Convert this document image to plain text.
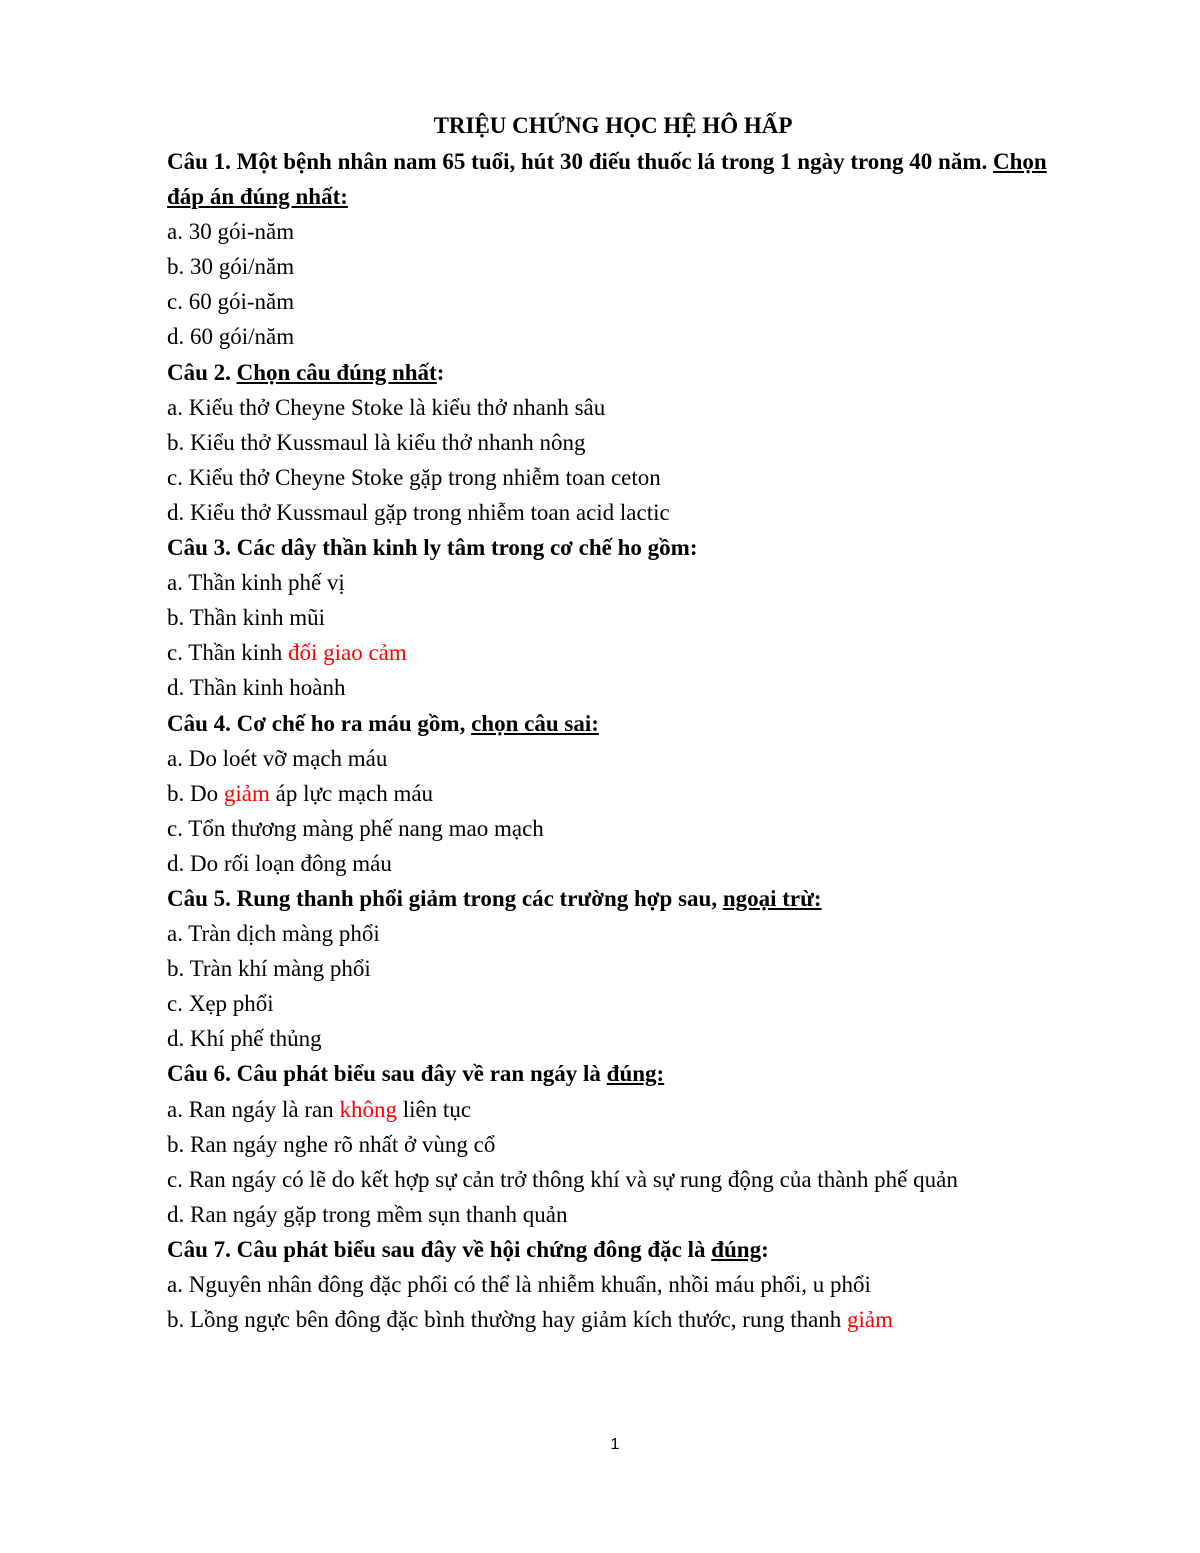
TRIỆU CHỨNG HỌC HỆ HÔ HẤP

Câu 1. Một bệnh nhân nam 65 tuổi, hút 30 điếu thuốc lá trong 1 ngày trong 40 năm. Chọn đáp án đúng nhất:

a. 30 gói-năm

b. 30 gói/năm

c. 60 gói-năm

d. 60 gói/năm

Câu 2. Chọn câu đúng nhất:

a. Kiểu thở Cheyne Stoke là kiểu thở nhanh sâu

b. Kiểu thở Kussmaul là kiểu thở nhanh nông

c. Kiểu thở Cheyne Stoke gặp trong nhiễm toan ceton

d. Kiểu thở Kussmaul gặp trong nhiễm toan acid lactic

Câu 3. Các dây thần kinh ly tâm trong cơ chế ho gồm:

a. Thần kinh phế vị

b. Thần kinh mũi

c. Thần kinh đối giao cảm

d. Thần kinh hoành

Câu 4. Cơ chế ho ra máu gồm, chọn câu sai:

a. Do loét vỡ mạch máu

b. Do giảm áp lực mạch máu

c. Tổn thương màng phế nang mao mạch

d. Do rối loạn đông máu

Câu 5. Rung thanh phổi giảm trong các trường hợp sau, ngoại trừ:

a. Tràn dịch màng phổi

b. Tràn khí màng phổi

c. Xẹp phổi

d. Khí phế thủng

Câu 6. Câu phát biểu sau đây về ran ngáy là đúng:

a. Ran ngáy là ran không liên tục

b. Ran ngáy nghe rõ nhất ở vùng cổ

c. Ran ngáy có lẽ do kết hợp sự cản trở thông khí và sự rung động của thành phế quản

d. Ran ngáy gặp trong mềm sụn thanh quản

Câu 7. Câu phát biểu sau đây về hội chứng đông đặc là đúng:

a. Nguyên nhân đông đặc phổi có thể là nhiễm khuẩn, nhồi máu phổi, u phổi

b. Lồng ngực bên đông đặc bình thường hay giảm kích thước, rung thanh giảm

1
